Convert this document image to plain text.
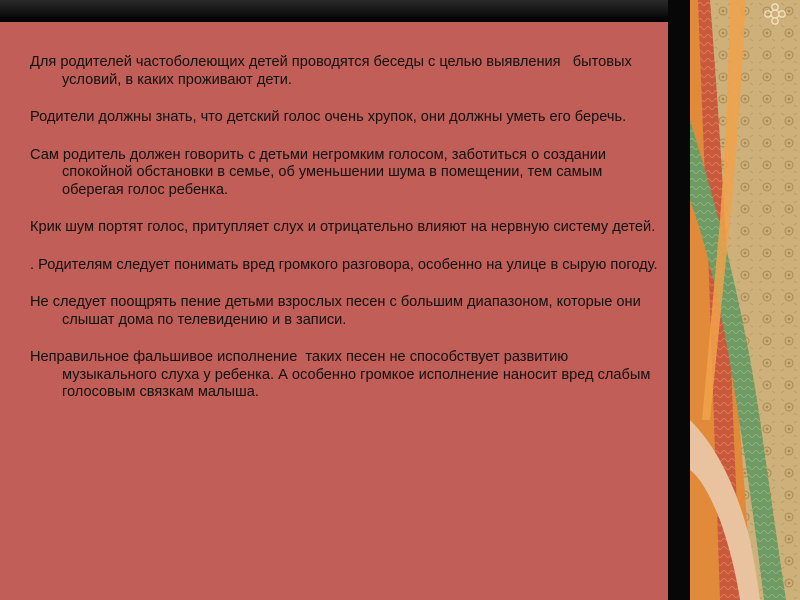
Для родителей частоболеющих детей проводятся беседы с целью выявления   бытовых условий, в каких проживают дети.

Родители должны знать, что детский голос очень хрупок, они должны уметь его беречь.

Сам родитель должен говорить с детьми негромким голосом, заботиться о создании спокойной обстановки в семье, об уменьшении шума в помещении, тем самым оберегая голос ребенка.

Крик шум портят голос, притупляет слух и отрицательно влияют на нервную систему детей.

. Родителям следует понимать вред громкого разговора, особенно на улице в сырую погоду.

Не следует поощрять пение детьми взрослых песен с большим диапазоном, которые они слышат дома по телевидению и в записи.

Неправильное фальшивое исполнение  таких песен не способствует развитию музыкального слуха у ребенка. А особенно громкое исполнение наносит вред слабым голосовым связкам малыша.
